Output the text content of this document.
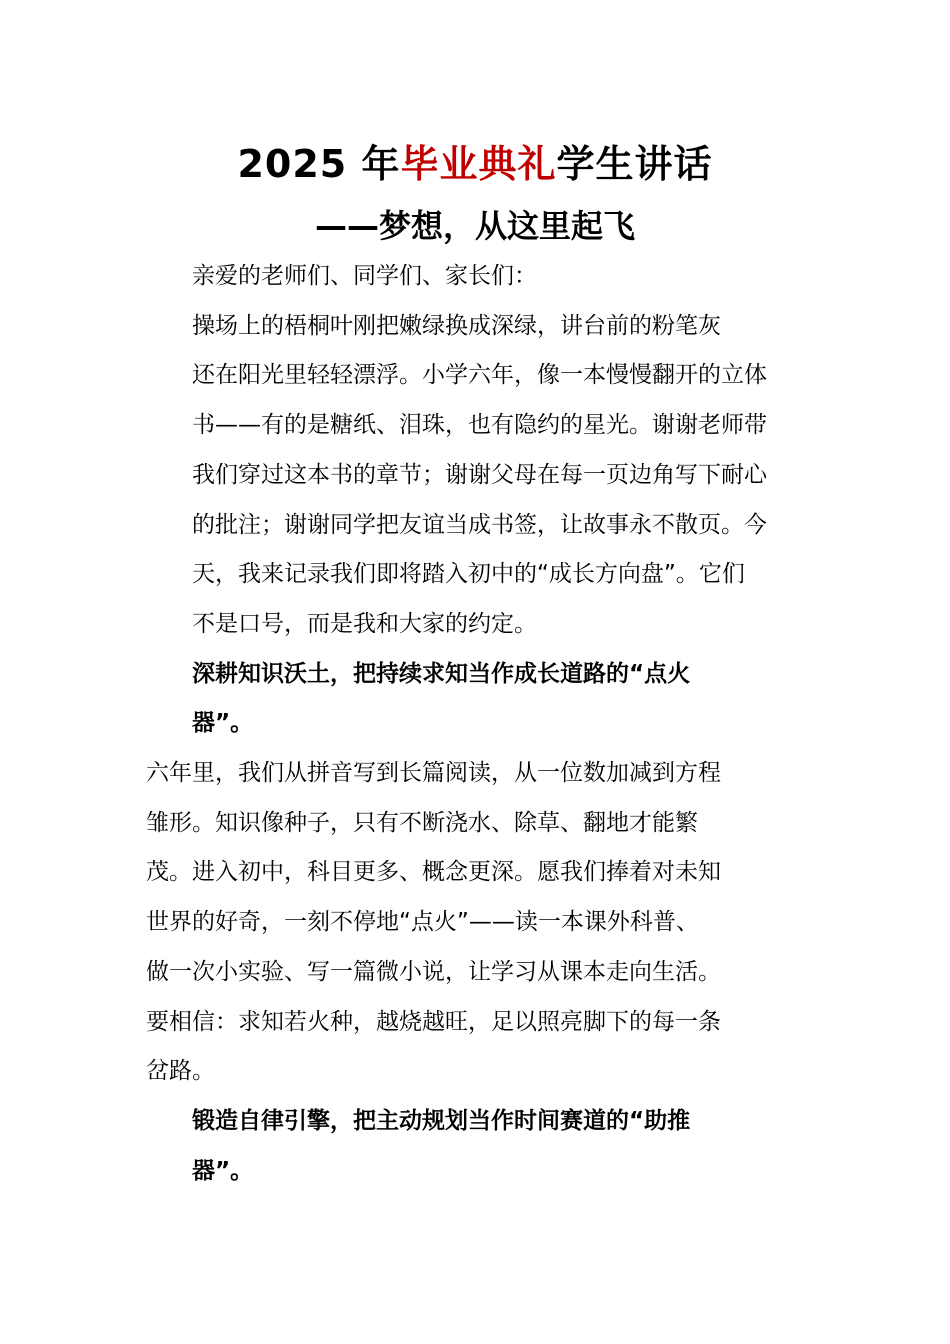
2025 年毕业典礼学生讲话
——梦想，从这里起飞

亲爱的老师们、同学们、家长们：

操场上的梧桐叶刚把嫩绿换成深绿，讲台前的粉笔灰
还在阳光里轻轻漂浮。小学六年，像一本慢慢翻开的立体
书——有的是糖纸、泪珠，也有隐约的星光。谢谢老师带
我们穿过这本书的章节；谢谢父母在每一页边角写下耐心
的批注；谢谢同学把友谊当成书签，让故事永不散页。今
天，我来记录我们即将踏入初中的“成长方向盘”。它们
不是口号，而是我和大家的约定。

深耕知识沃土，把持续求知当作成长道路的“点火
器”。

六年里，我们从拼音写到长篇阅读，从一位数加减到方程
雏形。知识像种子，只有不断浇水、除草、翻地才能繁
茂。进入初中，科目更多、概念更深。愿我们捧着对未知
世界的好奇，一刻不停地“点火”——读一本课外科普、
做一次小实验、写一篇微小说，让学习从课本走向生活。
要相信：求知若火种，越烧越旺，足以照亮脚下的每一条
岔路。

锻造自律引擎，把主动规划当作时间赛道的“助推
器”。
